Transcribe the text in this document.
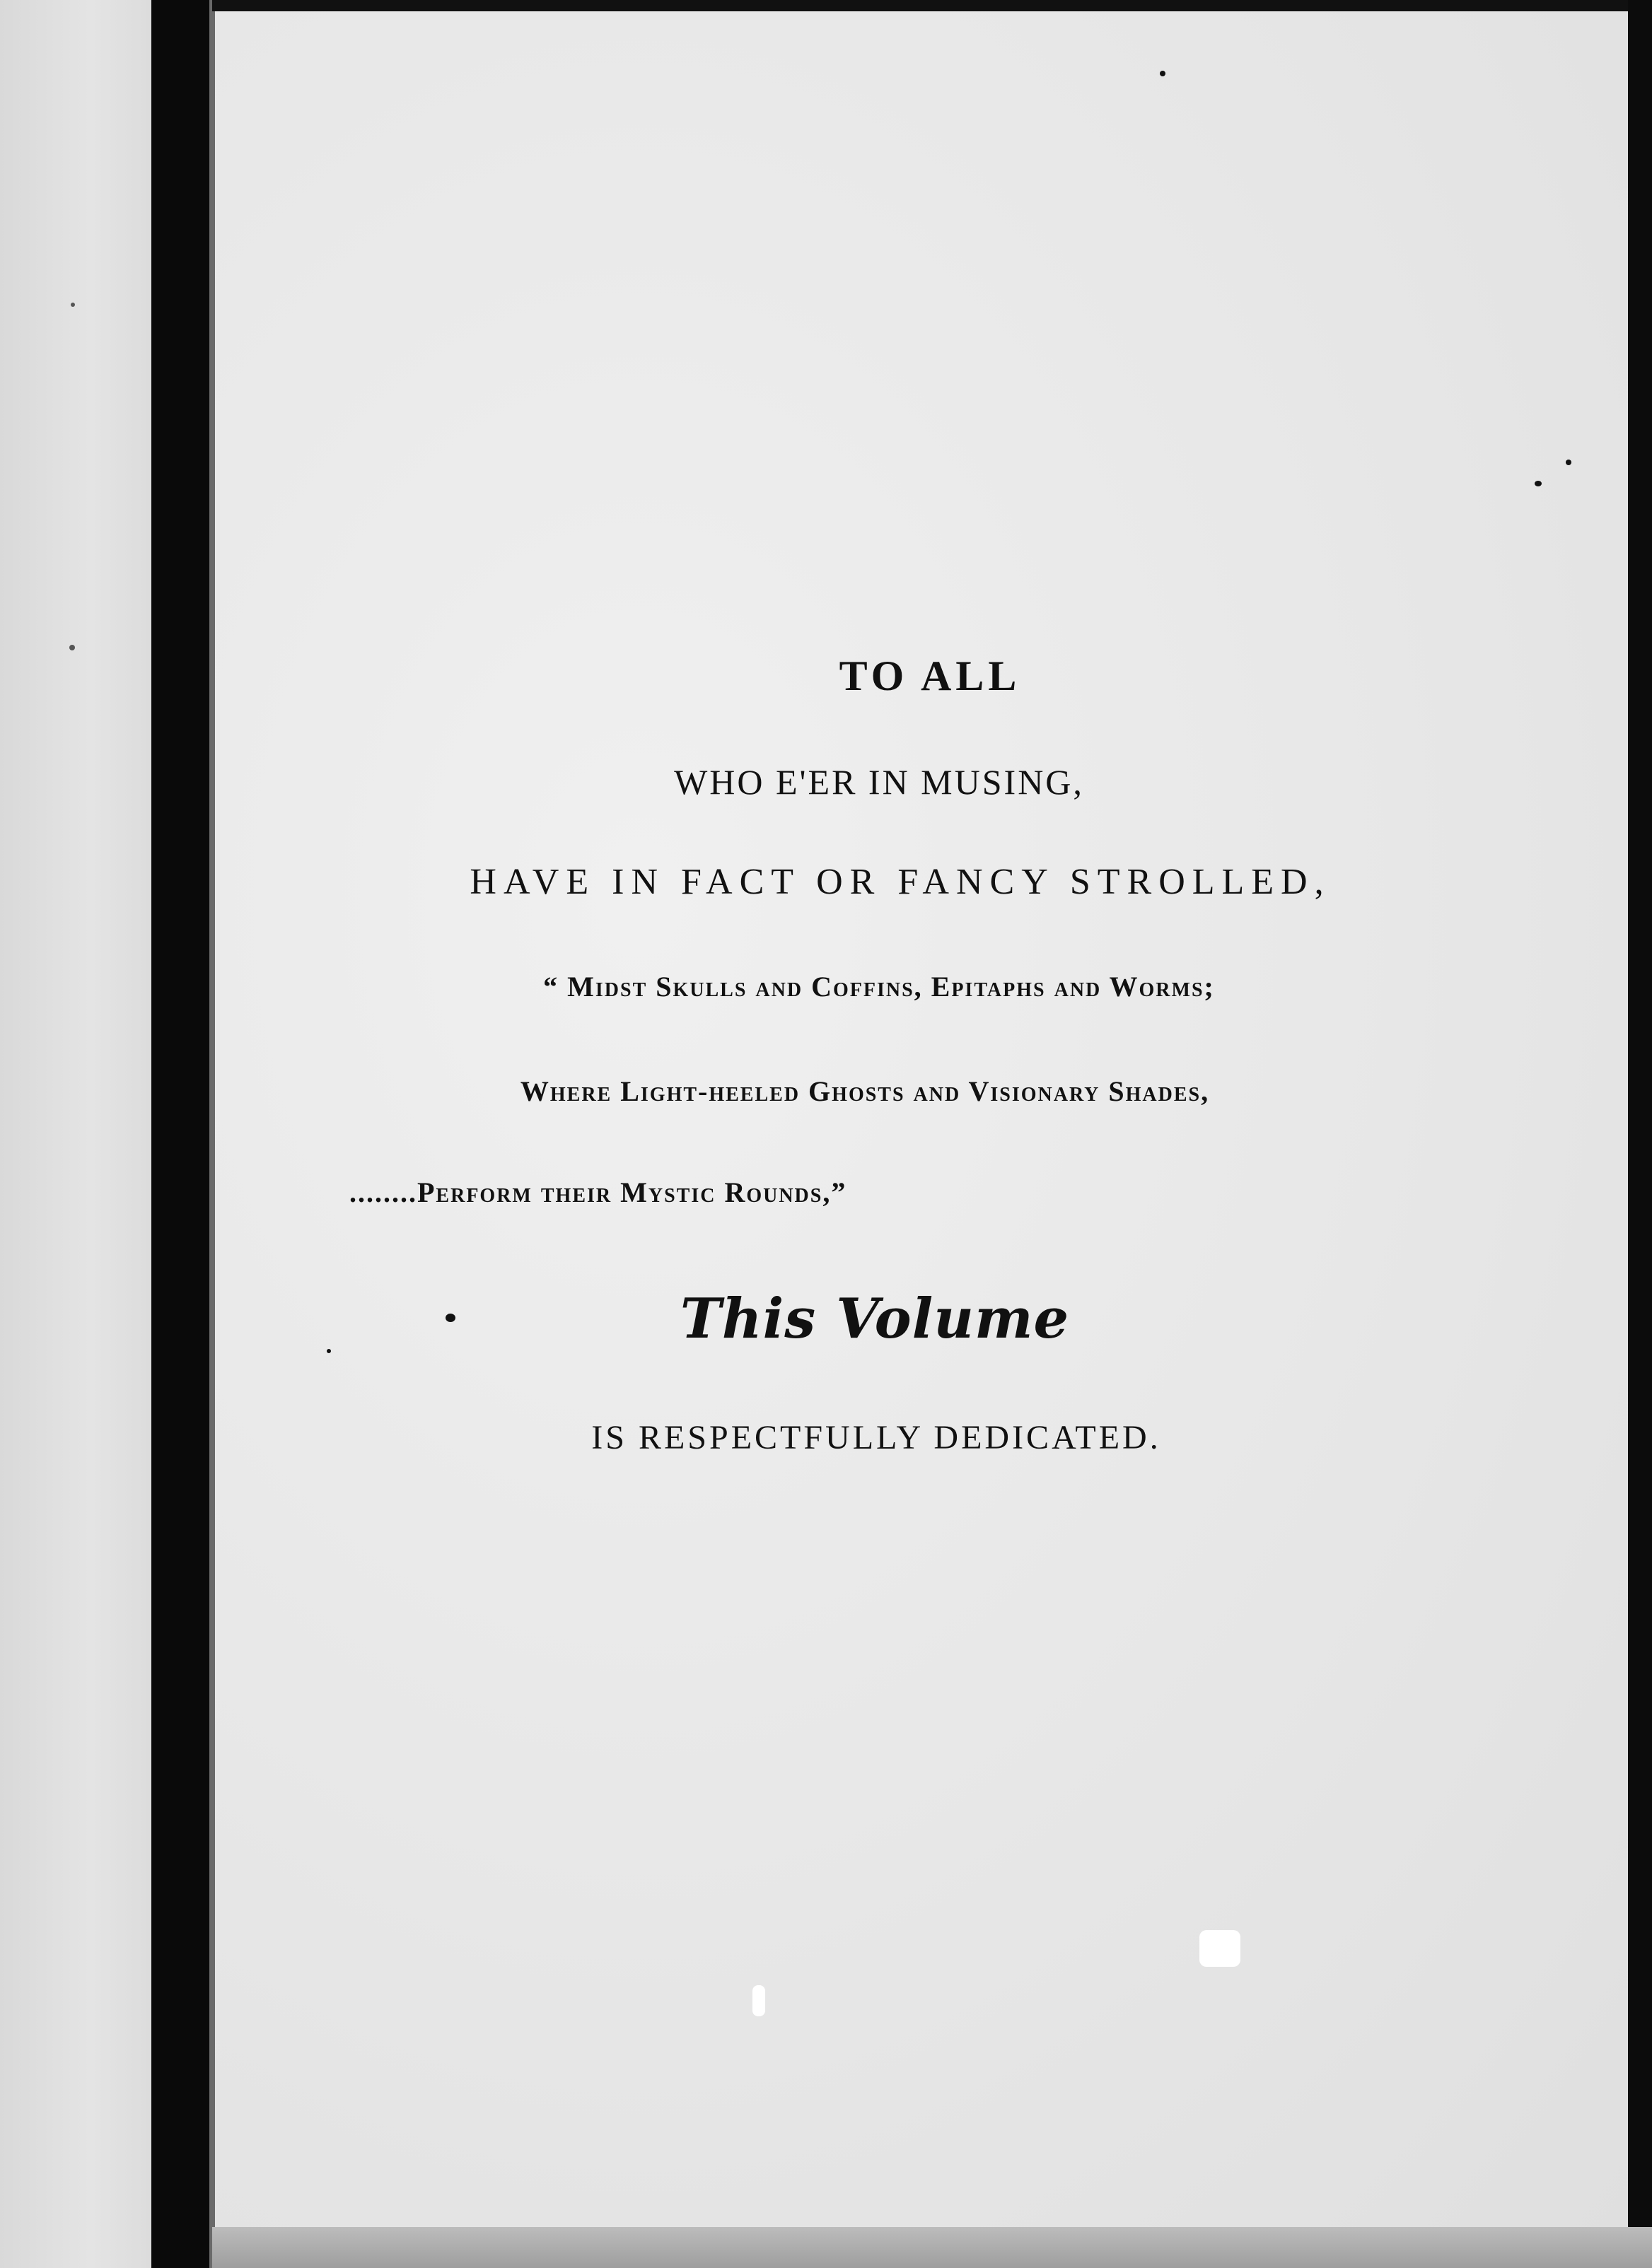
TO ALL
WHO E'ER IN MUSING,
HAVE IN FACT OR FANCY STROLLED,
“ Midst Skulls and Coffins, Epitaphs and Worms;
Where Light-heeled Ghosts and Visionary Shades,
........Perform their Mystic Rounds,”
This Volume
IS RESPECTFULLY DEDICATED.
